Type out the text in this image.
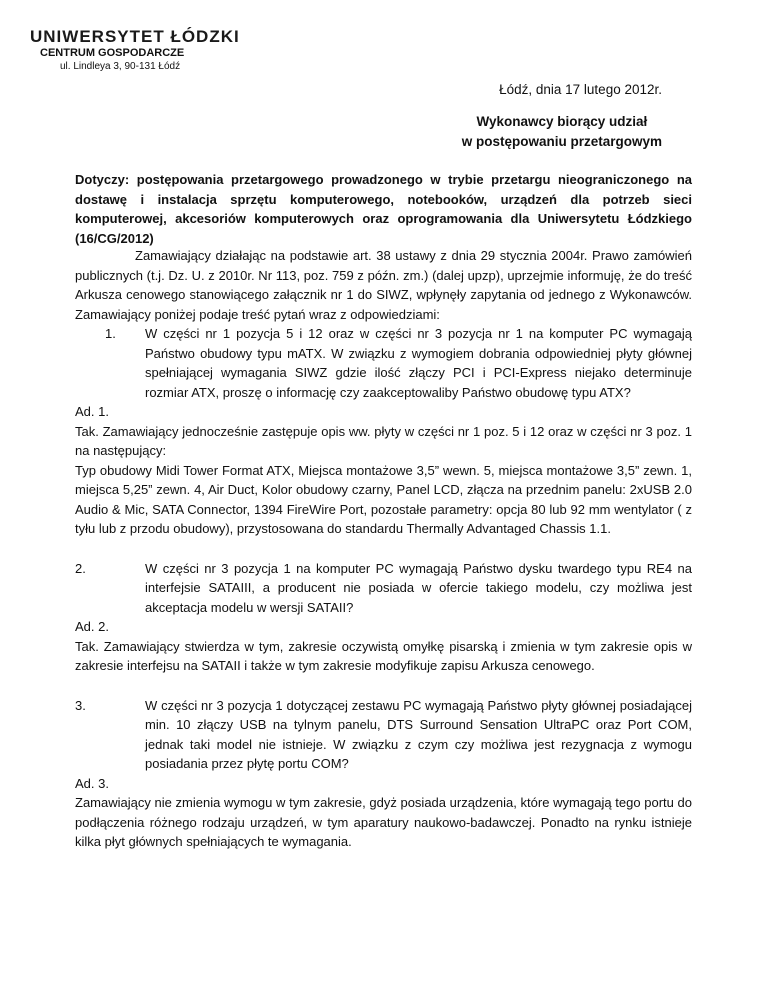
UNIWERSYTET ŁÓDZKI
CENTRUM GOSPODARCZE
ul. Lindleya 3, 90-131 Łódź
Łódź, dnia 17 lutego 2012r.
Wykonawcy biorący udział
w postępowaniu przetargowym
Dotyczy: postępowania przetargowego prowadzonego w trybie przetargu nieograniczonego na dostawę i instalacja sprzętu komputerowego, notebooków, urządzeń dla potrzeb sieci komputerowej, akcesoriów komputerowych oraz oprogramowania dla Uniwersytetu Łódzkiego (16/CG/2012)
Zamawiający działając na podstawie art. 38 ustawy z dnia 29 stycznia 2004r. Prawo zamówień publicznych (t.j. Dz. U. z 2010r. Nr 113, poz. 759 z późn. zm.) (dalej upzp), uprzejmie informuję, że do treść Arkusza cenowego stanowiącego załącznik nr 1 do SIWZ, wpłynęły zapytania od jednego z Wykonawców. Zamawiający poniżej podaje treść pytań wraz z odpowiedziami:
1.	W części nr 1 pozycja 5 i 12 oraz w części nr 3 pozycja nr 1 na komputer PC wymagają Państwo obudowy typu mATX. W związku z wymogiem dobrania odpowiedniej płyty głównej spełniającej wymagania SIWZ gdzie ilość złączy PCI i PCI-Express niejako determinuje rozmiar ATX, proszę o informację czy zaakceptowaliby Państwo obudowę typu ATX?
Ad. 1.
Tak. Zamawiający jednocześnie zastępuje opis ww. płyty w części nr 1 poz. 5 i 12 oraz w części nr 3 poz. 1 na następujący:
Typ obudowy Midi Tower Format ATX, Miejsca montażowe 3,5” wewn. 5, miejsca montażowe 3,5” zewn. 1, miejsca 5,25” zewn. 4, Air Duct, Kolor obudowy czarny, Panel LCD, złącza na przednim panelu: 2xUSB 2.0 Audio & Mic, SATA Connector, 1394 FireWire Port, pozostałe parametry: opcja 80 lub 92 mm wentylator ( z tyłu lub z przodu obudowy), przystosowana do standardu Thermally Advantaged Chassis 1.1.
2.	W części nr 3 pozycja 1 na komputer PC wymagają Państwo dysku twardego typu RE4 na interfejsie SATAIII, a producent nie posiada w ofercie takiego modelu, czy możliwa jest akceptacja modelu w wersji SATAII?
Ad. 2.
Tak. Zamawiający stwierdza w tym, zakresie oczywistą omyłkę pisarską i zmienia w tym zakresie opis w zakresie interfejsu na SATAII i także w tym zakresie modyfikuje zapisu Arkusza cenowego.
3.	W części nr 3 pozycja 1 dotyczącej zestawu PC wymagają Państwo płyty głównej posiadającej min. 10 złączy USB na tylnym panelu, DTS Surround Sensation UltraPC oraz Port COM, jednak taki model nie istnieje. W związku z czym czy możliwa jest rezygnacja z wymogu posiadania przez płytę portu COM?
Ad. 3.
Zamawiający nie zmienia wymogu w tym zakresie, gdyż posiada urządzenia, które wymagają tego portu do podłączenia różnego rodzaju urządzeń, w tym aparatury naukowo-badawczej. Ponadto na rynku istnieje kilka płyt głównych spełniających te wymagania.
